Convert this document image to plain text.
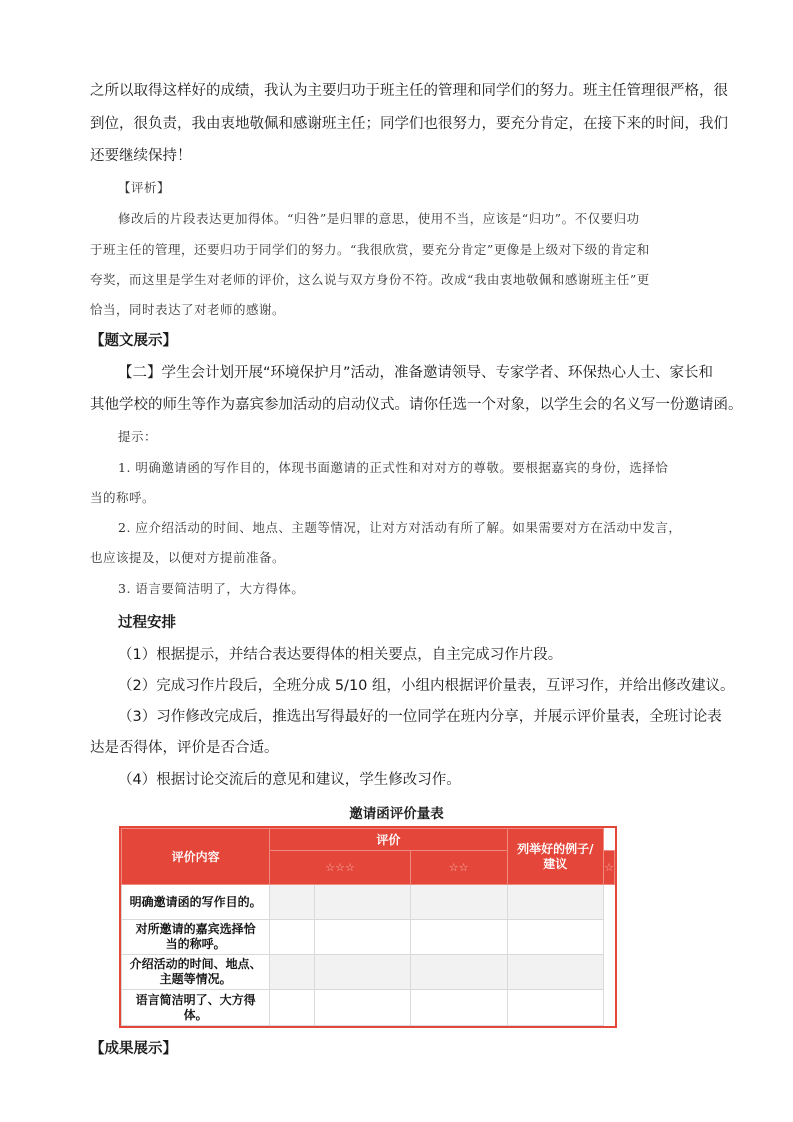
之所以取得这样好的成绩，我认为主要归功于班主任的管理和同学们的努力。班主任管理很严格，很
到位，很负责，我由衷地敬佩和感谢班主任；同学们也很努力，要充分肯定，在接下来的时间，我们
还要继续保持！
【评析】
修改后的片段表达更加得体。“归咎”是归罪的意思，使用不当，应该是“归功”。不仅要归功
于班主任的管理，还要归功于同学们的努力。“我很欣赏，要充分肯定”更像是上级对下级的肯定和
夸奖，而这里是学生对老师的评价，这么说与双方身份不符。改成“我由衷地敬佩和感谢班主任”更
恰当，同时表达了对老师的感谢。
【题文展示】
【二】学生会计划开展“环境保护月”活动，准备邀请领导、专家学者、环保热心人士、家长和
其他学校的师生等作为嘉宾参加活动的启动仪式。请你任选一个对象，以学生会的名义写一份邀请函。
提示：
1. 明确邀请函的写作目的，体现书面邀请的正式性和对对方的尊敬。要根据嘉宾的身份，选择恰
当的称呼。
2. 应介绍活动的时间、地点、主题等情况，让对方对活动有所了解。如果需要对方在活动中发言，
也应该提及，以便对方提前准备。
3. 语言要简洁明了，大方得体。
过程安排
（1）根据提示，并结合表达要得体的相关要点，自主完成习作片段。
（2）完成习作片段后，全班分成 5/10 组，小组内根据评价量表，互评习作，并给出修改建议。
（3）习作修改完成后，推选出写得最好的一位同学在班内分享，并展示评价量表，全班讨论表
达是否得体，评价是否合适。
（4）根据讨论交流后的意见和建议，学生修改习作。
邀请函评价量表
评价内容	评价			列举好的例子/
建议	

	☆☆☆		☆☆		☆
明确邀请函的写作目的。					

对所邀请的嘉宾选择恰
当的称呼。					

介绍活动的时间、地点、
主题等情况。					

语言简洁明了、大方得
体。					

【成果展示】
